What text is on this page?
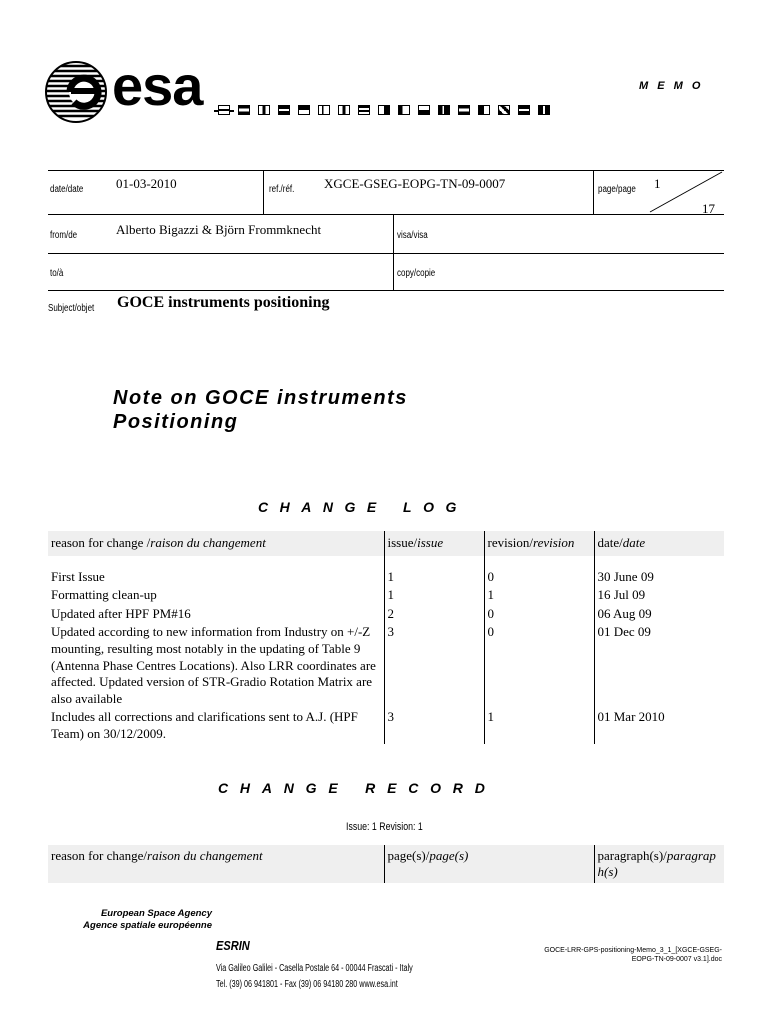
esa	M E M O
date/date	01-03-2010	ref./réf.	XGCE-GSEG-EOPG-TN-09-0007	page/page	1
17
from/de	Alberto Bigazzi & Björn Frommknecht	visa/visa
to/à	copy/copie
Subject/objet	GOCE instruments positioning
Note on GOCE instruments
Positioning
CHANGE LOG
reason for change /raison du changement	issue/issue	revision/revision	date/date

First Issue	1	0	30 June 09
Formatting clean-up	1	1	16 Jul 09
Updated after HPF PM#16	2	0	06 Aug 09
Updated according to new information from Industry on +/-Z mounting, resulting most notably in the updating of Table 9 (Antenna Phase Centres Locations). Also LRR coordinates are affected. Updated version of STR-Gradio Rotation Matrix are also available	3	0	01 Dec 09
Includes all corrections and clarifications sent to A.J. (HPF Team) on 30/12/2009.	3	1	01 Mar 2010
CHANGE RECORD
Issue: 1 Revision: 1
reason for change/raison du changement	page(s)/page(s)	paragraph(s)/paragraph(s)
European Space Agency
Agence spatiale européenne
ESRIN
Via Galileo Galilei - Casella Postale 64 - 00044 Frascati - Italy
Tel. (39) 06 941801 - Fax (39) 06 94180 280 www.esa.int
GOCE-LRR-GPS-positioning-Memo_3_1_[XGCE-GSEG-
EOPG-TN-09-0007 v3.1].doc
